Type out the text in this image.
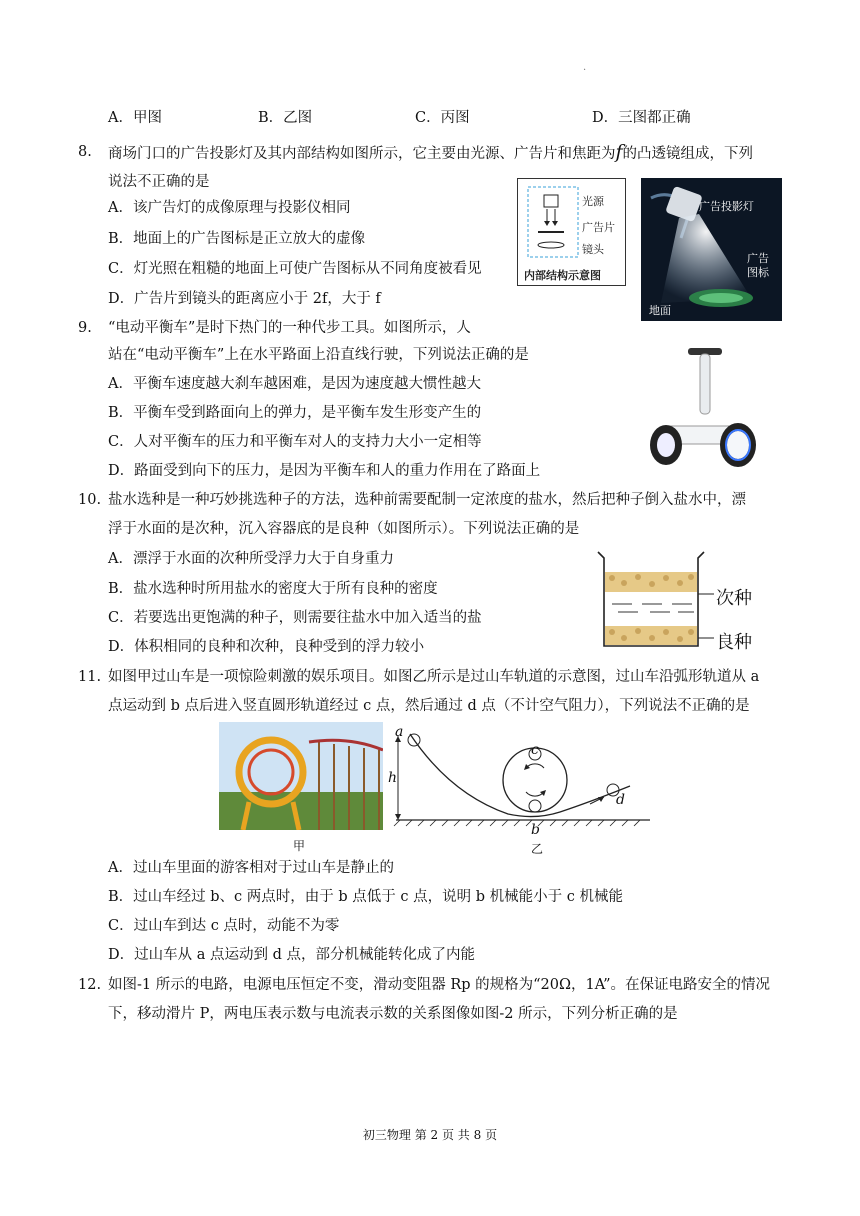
.
A．甲图	B．乙图	C．丙图	D．三图都正确
8. 商场门口的广告投影灯及其内部结构如图所示，它主要由光源、广告片和焦距为f的凸透镜组成，下列
说法不正确的是
A．该广告灯的成像原理与投影仪相同
B．地面上的广告图标是正立放大的虚像
C．灯光照在粗糙的地面上可使广告图标从不同角度被看见
D．广告片到镜头的距离应小于 2f，大于 f
光源
广告片
镜头
内部结构示意图
广告投影灯
广告
图标
地面
9. “电动平衡车”是时下热门的一种代步工具。如图所示，人
站在“电动平衡车”上在水平路面上沿直线行驶，下列说法正确的是
A．平衡车速度越大刹车越困难，是因为速度越大惯性越大
B．平衡车受到路面向上的弹力，是平衡车发生形变产生的
C．人对平衡车的压力和平衡车对人的支持力大小一定相等
D．路面受到向下的压力，是因为平衡车和人的重力作用在了路面上
10. 盐水选种是一种巧妙挑选种子的方法，选种前需要配制一定浓度的盐水，然后把种子倒入盐水中，漂
浮于水面的是次种，沉入容器底的是良种（如图所示）。下列说法正确的是
A．漂浮于水面的次种所受浮力大于自身重力
B．盐水选种时所用盐水的密度大于所有良种的密度
C．若要选出更饱满的种子，则需要往盐水中加入适当的盐
D．体积相同的良种和次种，良种受到的浮力较小
次种
良种
11. 如图甲过山车是一项惊险刺激的娱乐项目。如图乙所示是过山车轨道的示意图，过山车沿弧形轨道从 a
点运动到 b 点后进入竖直圆形轨道经过 c 点，然后通过 d 点（不计空气阻力），下列说法不正确的是
甲
a
h
c
b
d
乙
A．过山车里面的游客相对于过山车是静止的
B．过山车经过 b、c 两点时，由于 b 点低于 c 点，说明 b 机械能小于 c 机械能
C．过山车到达 c 点时，动能不为零
D．过山车从 a 点运动到 d 点，部分机械能转化成了内能
12. 如图-1 所示的电路，电源电压恒定不变，滑动变阻器 Rp 的规格为“20Ω，1A”。在保证电路安全的情况
下，移动滑片 P，两电压表示数与电流表示数的关系图像如图-2 所示，下列分析正确的是
初三物理 第 2 页 共 8 页
